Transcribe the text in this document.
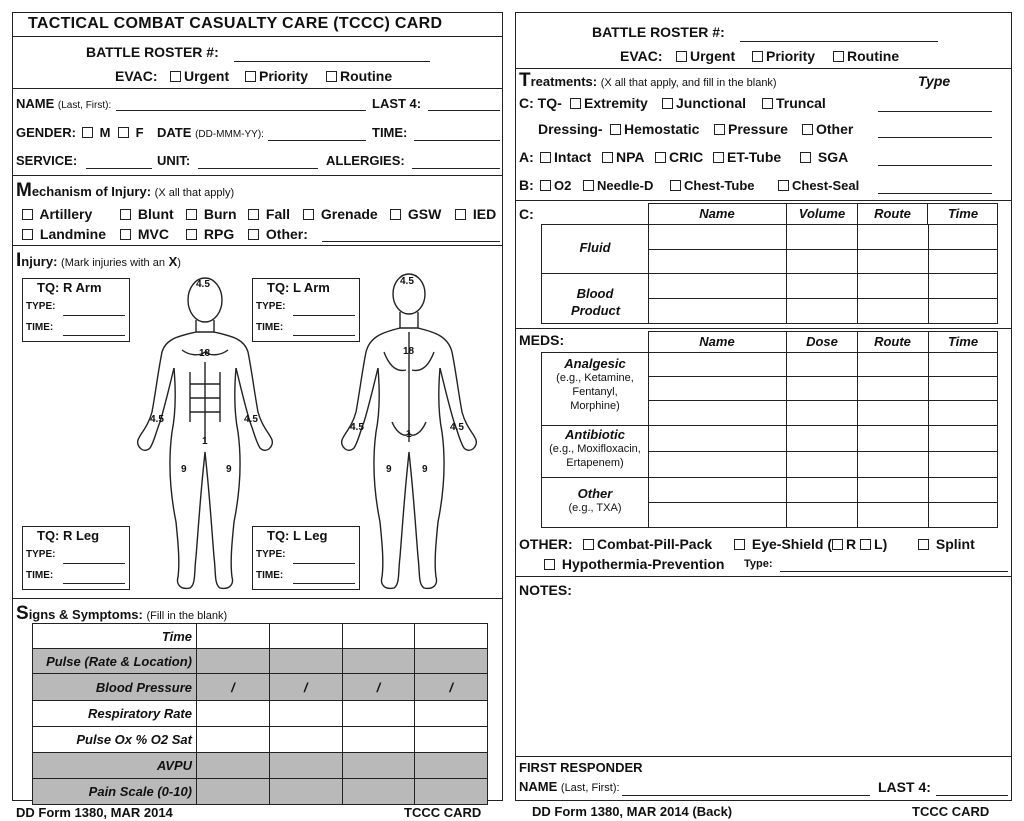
TACTICAL COMBAT CASUALTY CARE (TCCC) CARD
BATTLE ROSTER #:
EVAC:	Urgent	Priority	Routine
NAME (Last, First):	LAST 4:
GENDER:	M	F DATE (DD-MMM-YY):	TIME:
SERVICE:	UNIT:	ALLERGIES:
Mechanism of Injury: (X all that apply)
Artillery	Blunt	Burn	Fall	Grenade	GSW	IED
Landmine	MVC	RPG	Other:
Injury: (Mark injuries with an X)
TQ: R Arm
TYPE:
TIME:
TQ: L Arm
TYPE:
TIME:
TQ: R Leg
TYPE:
TIME:
TQ: L Leg
TYPE:
TIME:
4.5
18
4.5	4.5
1
9	9
4.5
18
4.5	4.5
1
9	9
Signs & Symptoms: (Fill in the blank)
Time				
Pulse (Rate & Location)				
Blood Pressure	/	/	/	/
Respiratory Rate				
Pulse Ox % O2 Sat				
AVPU				
Pain Scale (0-10)				
DD Form 1380, MAR 2014	TCCC CARD
BATTLE ROSTER #:
EVAC:	Urgent	Priority	Routine
Treatments: (X all that apply, and fill in the blank)	Type
C: TQ-	Extremity	Junctional	Truncal
Dressing-	Hemostatic	Pressure	Other
A:	Intact	NPA	CRIC	ET-Tube	SGA
B:	O2	Needle-D	Chest-Tube	Chest-Seal
C:	Name	Volume	Route	Time
Fluid
Blood Product
MEDS:	Name	Dose	Route	Time
Analgesic
(e.g., Ketamine, Fentanyl, Morphine)
Antibiotic
(e.g., Moxifloxacin, Ertapenem)
Other
(e.g., TXA)
OTHER:	Combat-Pill-Pack	Eye-Shield ( R L)	Splint
Hypothermia-Prevention Type:
NOTES:
FIRST RESPONDER
NAME (Last, First):	LAST 4:
DD Form 1380, MAR 2014 (Back)	TCCC CARD
